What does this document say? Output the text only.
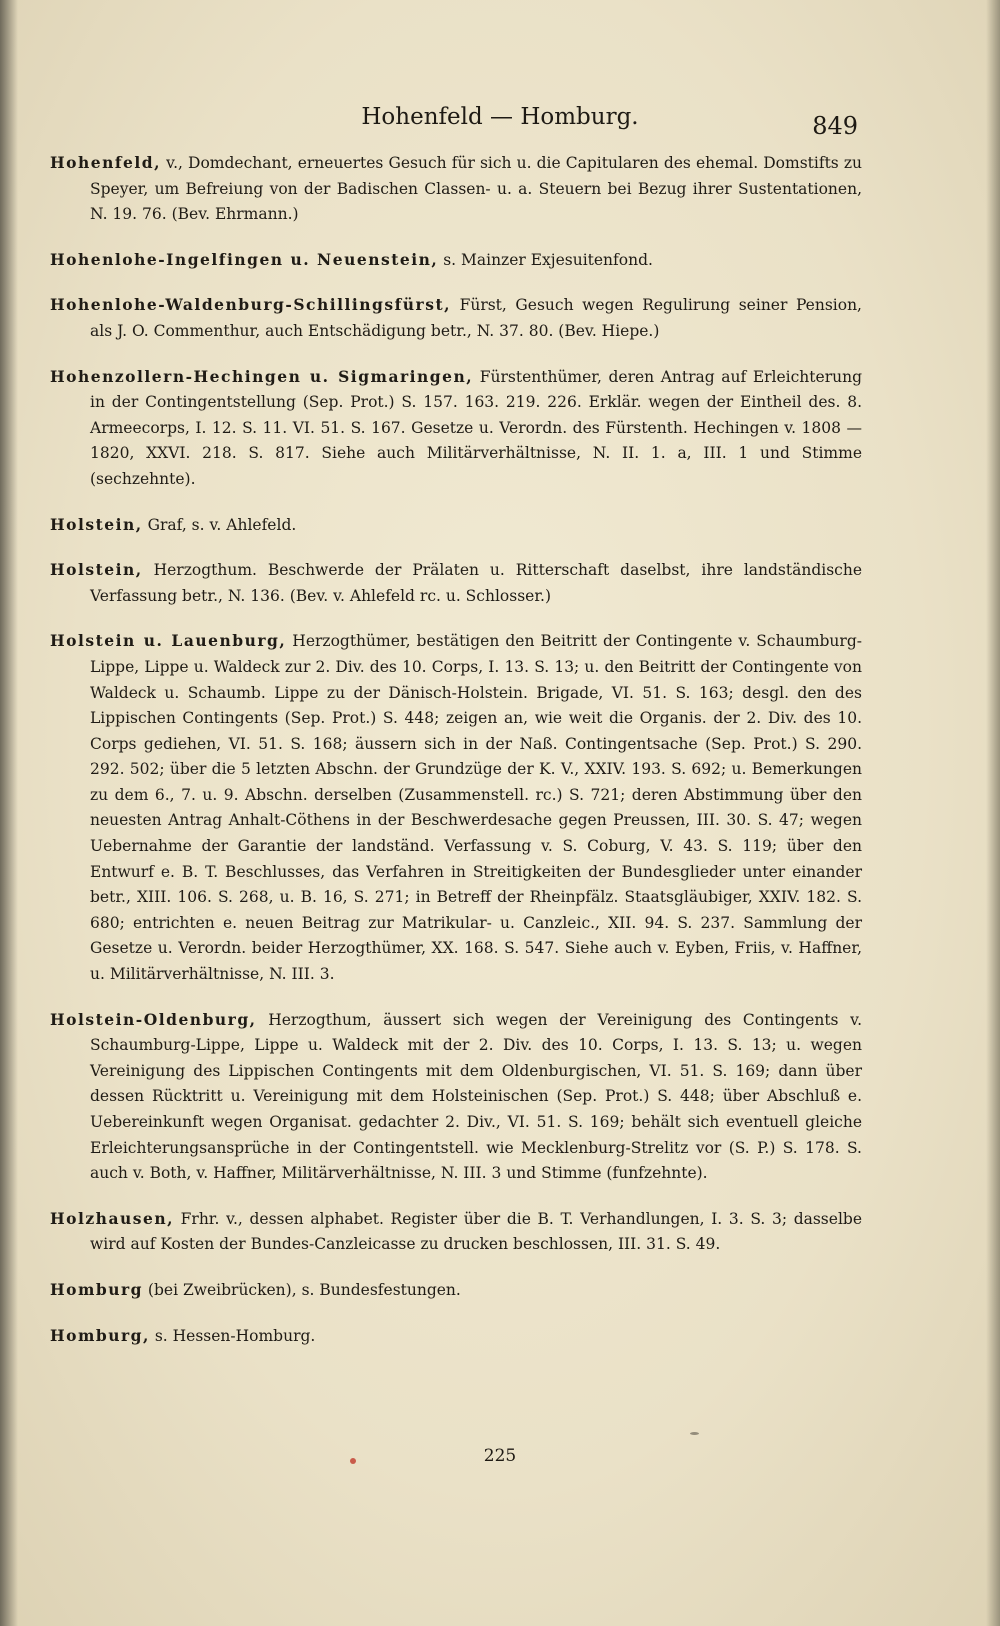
Hohenfeld — Homburg.	849

Hohenfeld, v., Domdechant, erneuertes Gesuch für sich u. die Capitularen des ehemal. Domstifts zu Speyer, um Befreiung von der Badischen Classen- u. a. Steuern bei Bezug ihrer Sustentationen, N. 19. 76. (Bev. Ehrmann.)

Hohenlohe-Ingelfingen u. Neuenstein, s. Mainzer Exjesuitenfond.

Hohenlohe-Waldenburg-Schillingsfürst, Fürst, Gesuch wegen Regulirung seiner Pension, als J. O. Commenthur, auch Entschädigung betr., N. 37. 80. (Bev. Hiepe.)

Hohenzollern-Hechingen u. Sigmaringen, Fürstenthümer, deren Antrag auf Erleichterung in der Contingentstellung (Sep. Prot.) S. 157. 163. 219. 226. Erklär. wegen der Eintheil des. 8. Armeecorps, I. 12. S. 11. VI. 51. S. 167. Gesetze u. Verordn. des Fürstenth. Hechingen v. 1808 — 1820, XXVI. 218. S. 817. Siehe auch Militärverhältnisse, N. II. 1. a, III. 1 und Stimme (sechzehnte).

Holstein, Graf, s. v. Ahlefeld.

Holstein, Herzogthum. Beschwerde der Prälaten u. Ritterschaft daselbst, ihre landständische Verfassung betr., N. 136. (Bev. v. Ahlefeld rc. u. Schlosser.)

Holstein u. Lauenburg, Herzogthümer, bestätigen den Beitritt der Contingente v. Schaumburg-Lippe, Lippe u. Waldeck zur 2. Div. des 10. Corps, I. 13. S. 13; u. den Beitritt der Contingente von Waldeck u. Schaumb. Lippe zu der Dänisch-Holstein. Brigade, VI. 51. S. 163; desgl. den des Lippischen Contingents (Sep. Prot.) S. 448; zeigen an, wie weit die Organis. der 2. Div. des 10. Corps gediehen, VI. 51. S. 168; äussern sich in der Naß. Contingentsache (Sep. Prot.) S. 290. 292. 502; über die 5 letzten Abschn. der Grundzüge der K. V., XXIV. 193. S. 692; u. Bemerkungen zu dem 6., 7. u. 9. Abschn. derselben (Zusammenstell. rc.) S. 721; deren Abstimmung über den neuesten Antrag Anhalt-Cöthens in der Beschwerdesache gegen Preussen, III. 30. S. 47; wegen Uebernahme der Garantie der landständ. Verfassung v. S. Coburg, V. 43. S. 119; über den Entwurf e. B. T. Beschlusses, das Verfahren in Streitigkeiten der Bundesglieder unter einander betr., XIII. 106. S. 268, u. B. 16, S. 271; in Betreff der Rheinpfälz. Staatsgläubiger, XXIV. 182. S. 680; entrichten e. neuen Beitrag zur Matrikular- u. Canzleic., XII. 94. S. 237. Sammlung der Gesetze u. Verordn. beider Herzogthümer, XX. 168. S. 547. Siehe auch v. Eyben, Friis, v. Haffner, u. Militärverhältnisse, N. III. 3.

Holstein-Oldenburg, Herzogthum, äussert sich wegen der Vereinigung des Contingents v. Schaumburg-Lippe, Lippe u. Waldeck mit der 2. Div. des 10. Corps, I. 13. S. 13; u. wegen Vereinigung des Lippischen Contingents mit dem Oldenburgischen, VI. 51. S. 169; dann über dessen Rücktritt u. Vereinigung mit dem Holsteinischen (Sep. Prot.) S. 448; über Abschluß e. Uebereinkunft wegen Organisat. gedachter 2. Div., VI. 51. S. 169; behält sich eventuell gleiche Erleichterungsansprüche in der Contingentstell. wie Mecklenburg-Strelitz vor (S. P.) S. 178. S. auch v. Both, v. Haffner, Militärverhältnisse, N. III. 3 und Stimme (funfzehnte).

Holzhausen, Frhr. v., dessen alphabet. Register über die B. T. Verhandlungen, I. 3. S. 3; dasselbe wird auf Kosten der Bundes-Canzleicasse zu drucken beschlossen, III. 31. S. 49.

Homburg (bei Zweibrücken), s. Bundesfestungen.

Homburg, s. Hessen-Homburg.

225
